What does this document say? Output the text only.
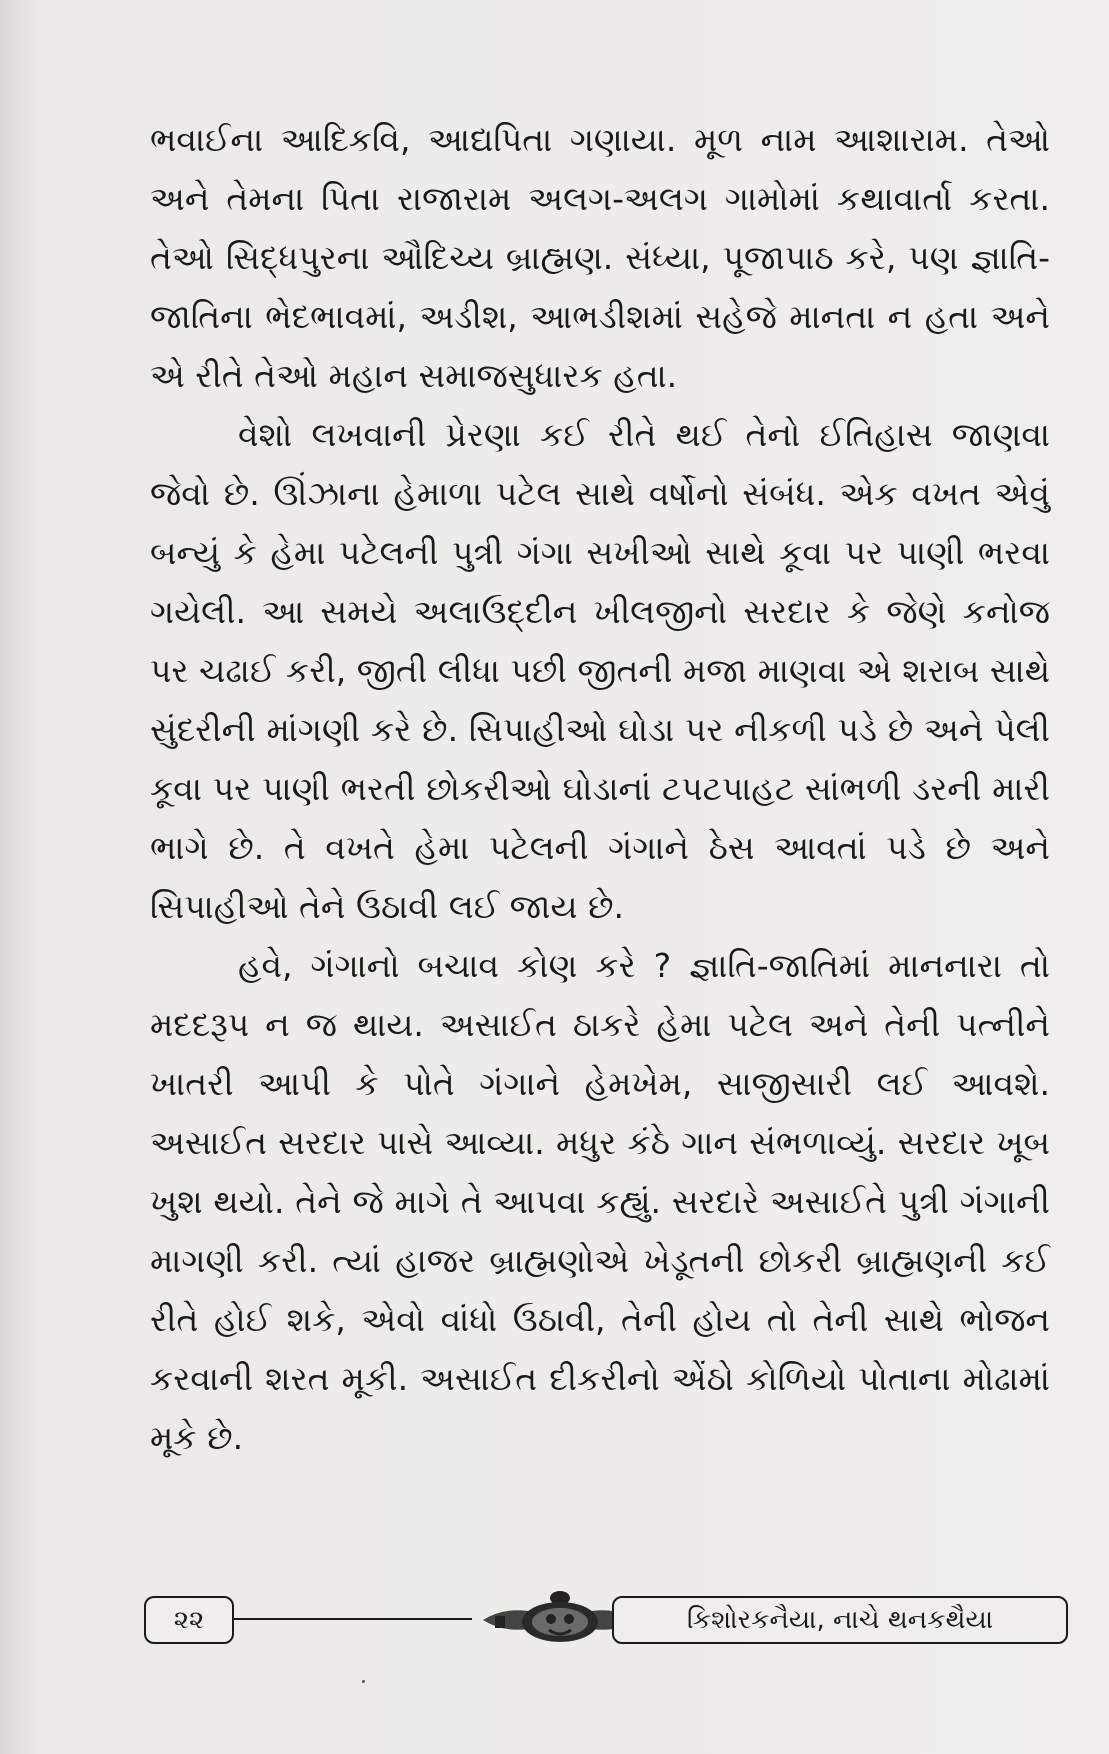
ભવાઈના આદિકવિ, આદ્યપિતા ગણાયા. મૂળ નામ આશારામ. તેઓ અને તેમના પિતા રાજારામ અલગ-અલગ ગામોમાં કથાવાર્તા કરતા. તેઓ સિદ્ધપુરના ઔદિચ્ય બ્રાહ્મણ. સંધ્યા, પૂજાપાઠ કરે, પણ જ્ઞાતિ-જાતિના ભેદભાવમાં, અડીશ, આભડીશમાં સહેજે માનતા ન હતા અને એ રીતે તેઓ મહાન સમાજસુધારક હતા.

વેશો લખવાની પ્રેરણા કઈ રીતે થઈ તેનો ઈતિહાસ જાણવા જેવો છે. ઊંઝાના હેમાળા પટેલ સાથે વર્ષોનો સંબંધ. એક વખત એવું બન્યું કે હેમા પટેલની પુત્રી ગંગા સખીઓ સાથે કૂવા પર પાણી ભરવા ગયેલી. આ સમયે અલાઉદ્દીન ખીલજીનો સરદાર કે જેણે કનોજ પર ચઢાઈ કરી, જીતી લીધા પછી જીતની મજા માણવા એ શરાબ સાથે સુંદરીની માંગણી કરે છે. સિપાહીઓ ઘોડા પર નીકળી પડે છે અને પેલી કૂવા પર પાણી ભરતી છોકરીઓ ઘોડાનાં ટપટપાહટ સાંભળી ડરની મારી ભાગે છે. તે વખતે હેમા પટેલની ગંગાને ઠેસ આવતાં પડે છે અને સિપાહીઓ તેને ઉઠાવી લઈ જાય છે.

હવે, ગંગાનો બચાવ કોણ કરે ? જ્ઞાતિ-જાતિમાં માનનારા તો મદદરૂપ ન જ થાય. અસાઈત ઠાકરે હેમા પટેલ અને તેની પત્નીને ખાતરી આપી કે પોતે ગંગાને હેમખેમ, સાજીસારી લઈ આવશે. અસાઈત સરદાર પાસે આવ્યા. મધુર કંઠે ગાન સંભળાવ્યું. સરદાર ખૂબ ખુશ થયો. તેને જે માગે તે આપવા કહ્યું. સરદારે અસાઈતે પુત્રી ગંગાની માગણી કરી. ત્યાં હાજર બ્રાહ્મણોએ ખેડૂતની છોકરી બ્રાહ્મણની કઈ રીતે હોઈ શકે, એવો વાંધો ઉઠાવી, તેની હોય તો તેની સાથે ભોજન કરવાની શરત મૂકી. અસાઈત દીકરીનો એંઠો કોળિયો પોતાના મોઢામાં મૂકે છે.

૨૨	કિશોરકનૈયા, નાચે થનકથૈયા
